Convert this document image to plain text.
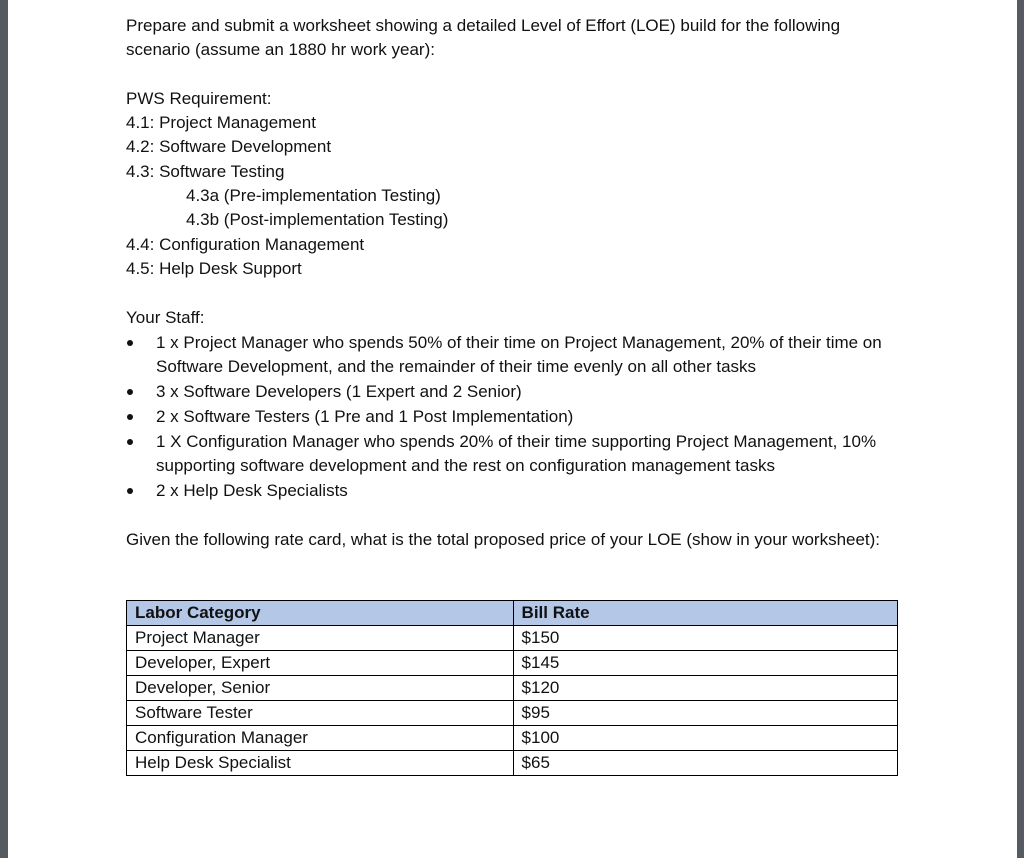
Prepare and submit a worksheet showing a detailed Level of Effort (LOE) build for the following scenario (assume an 1880 hr work year):

PWS Requirement:

4.1: Project Management
4.2: Software Development
4.3: Software Testing
4.3a (Pre-implementation Testing)
4.3b (Post-implementation Testing)
4.4: Configuration Management
4.5: Help Desk Support

Your Staff:

1 x Project Manager who spends 50% of their time on Project Management, 20% of their time on Software Development, and the remainder of their time evenly on all other tasks
3 x Software Developers (1 Expert and 2 Senior)
2 x Software Testers (1 Pre and 1 Post Implementation)
1 X Configuration Manager who spends 20% of their time supporting Project Management, 10% supporting software development and the rest on configuration management tasks
2 x Help Desk Specialists

Given the following rate card, what is the total proposed price of your LOE (show in your worksheet):

Labor Category	Bill Rate
Project Manager	$150
Developer, Expert	$145
Developer, Senior	$120
Software Tester	$95
Configuration Manager	$100
Help Desk Specialist	$65
